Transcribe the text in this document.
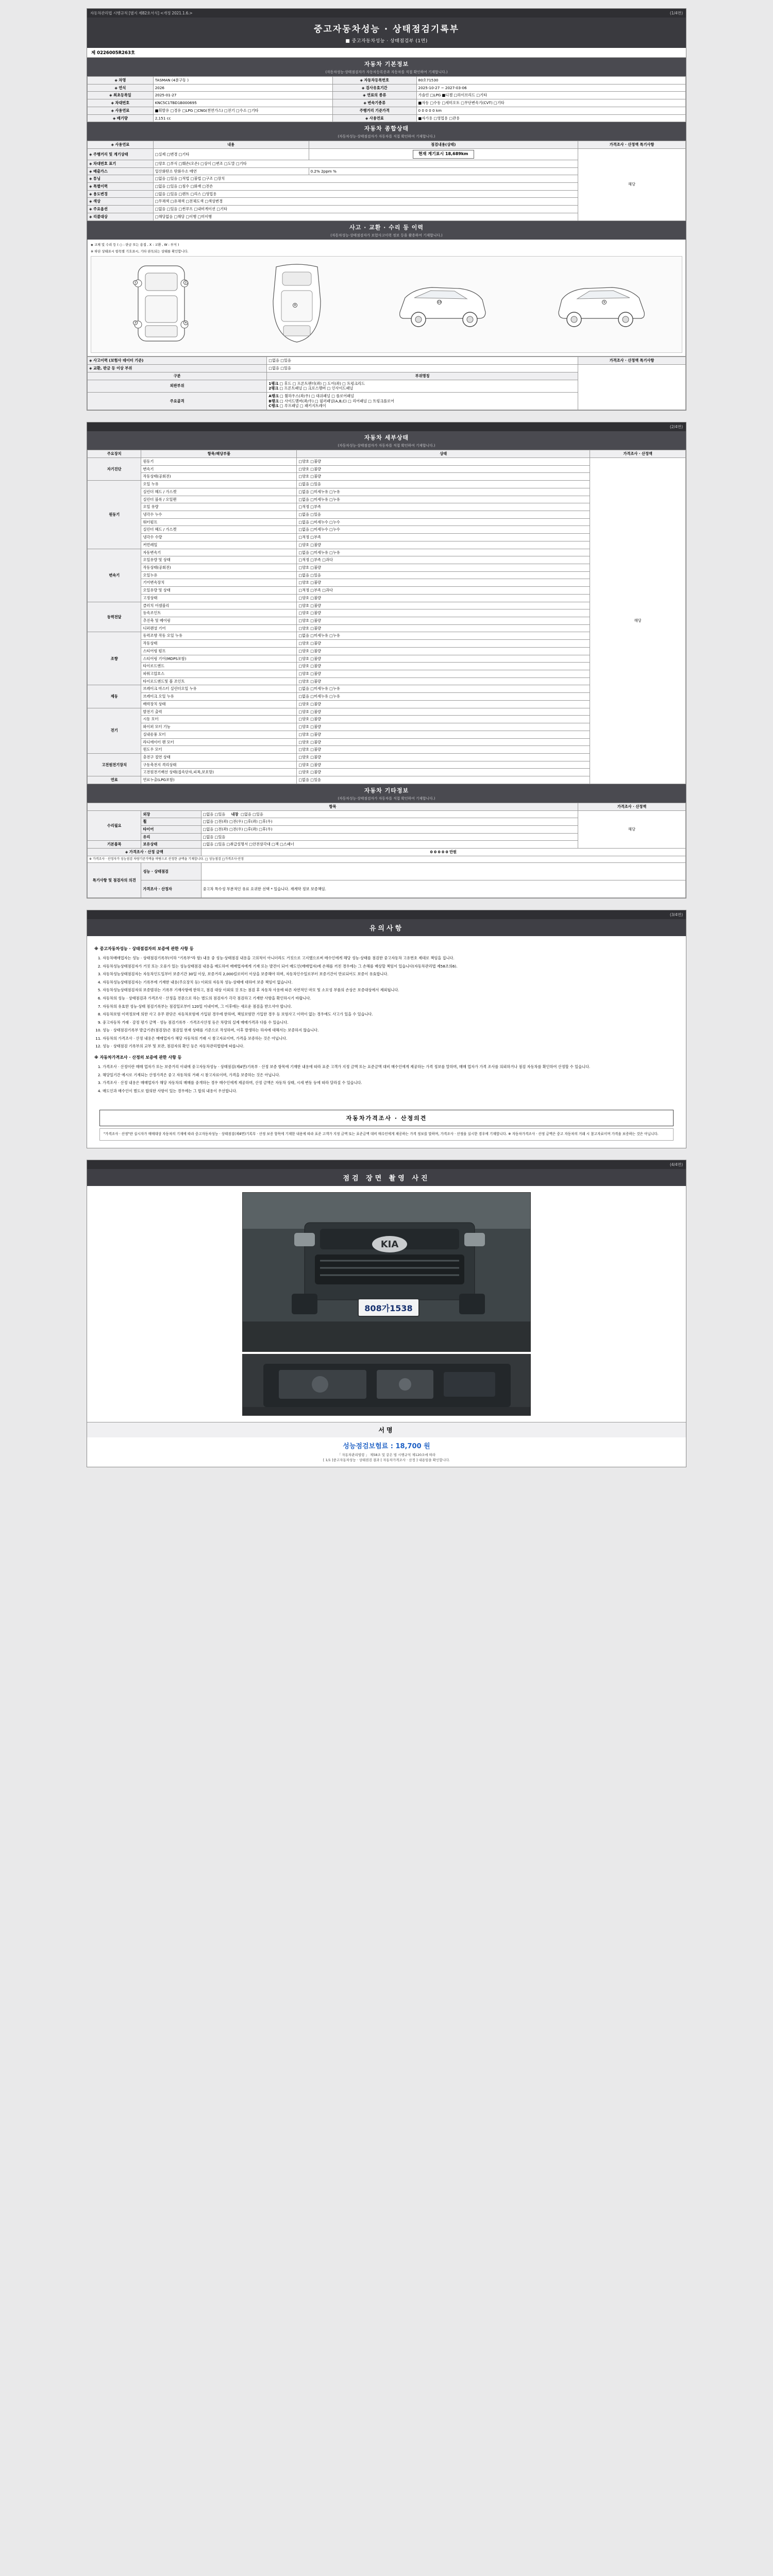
자동차관리법 시행규칙 [별지 제82호서식] <개정 2021.1.6.>	(1/4면)
중고자동차성능 · 상태점검기록부
■ 중고자동차성능 · 상태점검부 (1면)
제 0226005R263호
자동차 기본정보
(자동차성능·상태점검자가 자동차등록증과 자동차를 직접 확인하여 기재합니다.)
◈ 차명	TASMAN (4륜구동 )	◈ 자동차등록번호	80호71530
◈ 연식	2026	◈ 검사유효기간	2025-10-27 ~ 2027-03-06
◈ 최초등록일	2025-01-27	◈ 연료의 종류	가솔린 □LPG ■디젤 □하이브리드 □기타
◈ 차대번호	KNC5C1TBD1B000695	◈ 변속기종류	■자동 □수동 □세미오토 □무단변속기(CVT) □기타
◈ 사용연료	■휘발유 □경유 □LPG □CNG(천연가스) □전기 □수소 □기타	주행거리 기준가격	0 0 0 0 0 km
◈ 배기량	2,151 cc	◈ 사용연료	■자가용 □영업용 □관용
자동차 종합상태
(자동차성능·상태점검자가 자동차를 직접 확인하여 기재합니다.)
◈ 사용연료	내용	점검내용(상태)	가격조사 · 산정액 특기사항
◈ 주행거리 및 계기상태	□실제 □변경 □기타	현재 계기표시 18,689km	해당
◈ 차대번호 표기	□양호 □부식 □훼손(오손) □상이 □변조 □도말 □기타		
◈ 배출가스	일산화탄소 탄화수소 매연	0.2% 2ppm %	
◈ 튜닝	□없음 □있음 □적법 □불법 □구조 □장치		
◈ 특별이력	□없음 □있음 □침수 □화재 □전손		
◈ 용도변경	□없음 □있음 □렌트 □리스 □영업용		
◈ 색상	□무채색 □유채색 □전체도색 □색상변경		
◈ 주요옵션	□없음 □있음 □썬루프 □내비게이션 □기타		
◈ 리콜대상	□해당없음 □해당 □이행 □미이행		
사고 · 교환 · 수리 등 이력
(자동차성능·상태점검자가 보험사고이력 정보 등을 활용하여 기재합니다.)
◈ 교체 및 수리 등 ( ○ : 판금 또는 용접 , X : 교환 , W : 부식 )
※ 하단 상태표시 항목별 기호표시, 기타 판독되는 상태를 확인합니다.
1	2
3	4
8
10	9
◈ 사고이력 (보험사 데이터 기준)	□없음 □있음	가격조사 · 산정액 특기사항
◈ 교환, 판금 등 이상 부위	□없음 □있음	
구분	부위명칭	
외판부위	1랭크 □ 후드 □ 프론트펜더(좌) □ 도어(좌) □ 트렁크리드
2랭크 □ 프론트패널 □ 크로스멤버 □ 인사이드패널	

주요골격	A랭크 □ 휠하우스(좌/우) □ 대쉬패널 □ 플로어패널
B랭크 □ 사이드멤버(좌/우) □ 필러패널(A,B,C) □ 리어패널 □ 트렁크플로어
C랭크 □ 루프패널 □ 패키지트레이	
(2/4면)
자동차 세부상태
(자동차성능·상태점검자가 자동차를 직접 확인하여 기재합니다.)
주요장치	항목/해당부품	상태	가격조사 · 산정액
자기진단	원동기	□양호 □불량	해당
	변속기	□양호 □불량	
	작동상태(공회전)	□양호 □불량	
원동기	오일 누유	□없음 □있음	
	실린더 헤드 / 가스켓	□없음 □미세누유 □누유	
	실린더 블록 / 오일팬	□없음 □미세누유 □누유	
	오일 유량	□적정 □부족	
	냉각수 누수	□없음 □있음	
	워터펌프	□없음 □미세누수 □누수	
	실린더 헤드 / 가스켓	□없음 □미세누수 □누수	
	냉각수 수량	□적정 □부족	
	커먼레일	□양호 □불량	
변속기	자동변속기	□없음 □미세누유 □누유	
	오일유량 및 상태	□적정 □부족 □과다	
	작동상태(공회전)	□양호 □불량	
	오일누유	□없음 □있음	
	기어변속장치	□양호 □불량	
	오일유량 및 상태	□적정 □부족 □과다	
	고정상태	□양호 □불량	
동력전달	클러치 어셈블리	□양호 □불량	
	등속조인트	□양호 □불량	
	추진축 및 베어링	□양호 □불량	
	디퍼렌셜 기어	□양호 □불량	
조향	동력조향 작동 오일 누유	□없음 □미세누유 □누유	
	작동상태	□양호 □불량	
	스티어링 펌프	□양호 □불량	
	스티어링 기어(MDPS포함)	□양호 □불량	
	타이로드엔드	□양호 □불량	
	파워고압호스	□양호 □불량	
	타이로드엔드및 볼 조인트	□양호 □불량	
제동	브레이크 마스터 실린더오일 누유	□없음 □미세누유 □누유	
	브레이크 오일 누유	□없음 □미세누유 □누유	
	배력장치 상태	□양호 □불량	
전기	발전기 출력	□양호 □불량	
	시동 모터	□양호 □불량	
	와이퍼 모터 기능	□양호 □불량	
	실내송풍 모터	□양호 □불량	
	라디에이터 팬 모터	□양호 □불량	
	윈도우 모터	□양호 □불량	
고전원전기장치	충전구 절연 상태	□양호 □불량	
	구동축전지 격리상태	□양호 □불량	
	고전원전기배선 상태(접속단자,피복,보호망)	□양호 □불량	
연료	연료누출(LPG포함)	□없음 □있음	
자동차 기타정보
(자동차성능·상태점검자가 자동차를 직접 확인하여 기재합니다.)
항목			가격조사 · 산정액
수리필요	외장	□없음 □있음 내장 □없음 □있음	해당
	휠	□없음 □전(좌) □전(우) □후(좌) □후(우)	
	타이어	□없음 □전(좌) □전(우) □후(좌) □후(우)	
	유리	□없음 □있음	
기본품목	보유상태	□없음 □있음 □취급설명서 □안전삼각대 □잭 □스패너	
◈ 가격조사 · 산정 금액		0 0 0 0 0 만원	
※ 가격조사 · 산정자가 성능점검 차량기준가액을 바탕으로 산정한 금액을 기재합니다. □ 성능점검 □가격조사·산정			
특기사항 및 점검자의 의견	성능 · 상태점검		
	가격조사 · 산정자	중고차 특수성 부분적인 유료 요귀한 선택 * 있습니다. 재계약 정보 보증책임.	
(3/4면)
유의사항
※ 중고자동차성능 · 상태점검자의 보증에 관한 사항 등
1. 자동차매매업자는 성능 · 상태점검기록부(이하 "기록부"라 함) 내용 중 성능·상태점검 내용을 고의적이 아니더라도 거짓으로 고지했으로써 매수인에게 해당 성능·상태를 점검한 중고자동차 고유번호 제대로 책임을 집니다.
2. 자동차성능상태점검자가 거짓 또는 오류가 있는 성능상태점검 내용을 매도하여 매매업자에게 기재 또는 발견이 되어 매도인(매매업자)에 손해를 끼친 경우에는 그 손해를 배상할 책임이 있습니다(자동차관리법 제58조의6).
3. 자동차성능상태점검자는 자동차인도일부터 보증기간 30일 이상, 보증거리 2,000킬로미터 이상을 보증해야 하며, 자동차인수일로부터 보증기간이 만료되어도 보증이 유효합니다.
4. 자동차성능상태점검자는 기록부에 기재한 내용(주요장치 등) 이외의 자동차 성능·상태에 대하여 보증 책임이 없습니다.
5. 자동차성능상태점검자의 보증범위는 기록부 기재사항에 한하고, 점검 대상 이외의 것 또는 점검 후 자동차 사용에 따른 자연적인 마모 및 소모성 부품의 손상은 보증대상에서 제외됩니다.
6. 자동차의 성능 · 상태점검과 가격조사 · 산정을 전문으로 하는 별도의 점검자가 각각 점검하고 기재한 사항을 확인하시기 바랍니다.
7. 자동차의 유효한 성능·상태 점검기록부는 점검일로부터 120일 이내이며, 그 이후에는 새로운 점검을 받으셔야 합니다.
8. 자동차보험 이력정보에 의한 사고 유무 판단은 자동차보험에 가입된 경우에 한하며, 책임보험만 가입한 경우 등 보험사고 이력이 없는 경우에도 사고가 있을 수 있습니다.
9. 중고자동차 거래 · 감정 평가 금액 · 성능 점검기록부 · 가격조사산정 등은 차량의 실제 매매가격과 다를 수 있습니다.
10. 성능 · 상태점검기록부 발급기관(점검장)은 점검일 현재 상태를 기준으로 작성하며, 이후 발생하는 하자에 대해서는 보증하지 않습니다.
11. 자동차의 가격조사 · 산정 내용은 매매업자가 해당 자동차의 거래 시 참고자료이며, 가격을 보증하는 것은 아닙니다.
12. 성능 · 상태점검 기록부의 교부 및 보관, 점검자의 확인 등은 자동차관리법령에 따릅니다.
※ 자동차가격조사 · 산정의 보증에 관한 사항 등
1. 가격조사 · 산정이란 매매 업자가 또는 보증거리 이내에 중고자동차성능 · 상태점검(제4면)기록부 · 산정 보증 항목에 기재한 내용에 따라 표준 고객가 지정 금액 또는 표준금액 대비 매수인에게 제공하는 가격 정보를 말하며, 매매 업자가 가격 조사를 의뢰하거나 점검 자동차를 확인하여 산정할 수 있습니다.
2. 해당일기간 예시로 기재되는 산정가격은 중고 자동차의 거래 시 참고자료이며, 가격을 보증하는 것은 아닙니다.
3. 가격조사 · 산정 내용은 매매업자가 해당 자동차의 매매를 중개하는 경우 매수인에게 제공하며, 산정 금액은 자동차 상태, 시세 변동 등에 따라 달라질 수 있습니다.
4. 매도인과 매수인이 별도로 합의한 사항이 있는 경우에는 그 합의 내용이 우선합니다.
자동차가격조사 · 산정의견
"가격조사 · 산정"란 실시자가 매매대상 자동차의 기재에 따라 중고자동차성능 · 상태점검(제4면)기록부 · 산정 보증 항목에 기재한 내용에 따라 표준 고객가 지정 금액 또는 표준금액 대비 매수인에게 제공하는 가격 정보를 말하며, 가격조사 · 산정을 실시한 경우에 기재합니다. ※ 자동차가격조사 · 산정 금액은 중고 자동차의 거래 시 참고자료이며 가격을 보증하는 것은 아닙니다.
(4/4면)
점검 장면 촬영 사진
KIA
808가1538
서명
성능점검보험료 : 18,700 원
「 자동차관리법령 」 제58조 및 같은 법 시행규칙 제120조에 따라
[ 1/1 ]중고자동차성능 · 상태점검 결과 [ 자동차가격조사 · 산정 ] 내용임을 확인합니다.
